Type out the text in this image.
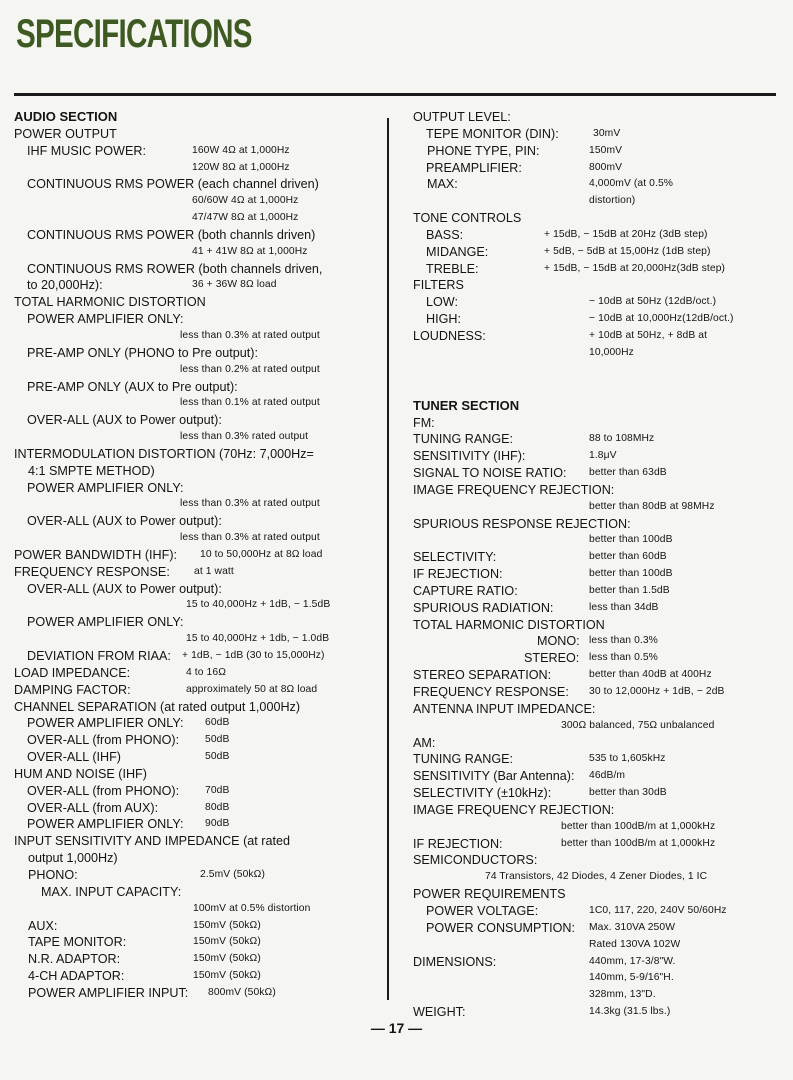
SPECIFICATIONS
AUDIO SECTION
POWER OUTPUT
IHF MUSIC POWER:	160W 4Ω at 1,000Hz
120W 8Ω at 1,000Hz
CONTINUOUS RMS POWER (each channel driven)
60/60W 4Ω at 1,000Hz
47/47W 8Ω at 1,000Hz
CONTINUOUS RMS POWER (both channls driven)
41 + 41W 8Ω at 1,000Hz
CONTINUOUS RMS ROWER (both channels driven,
to 20,000Hz):	36 + 36W 8Ω load
TOTAL HARMONIC DISTORTION
POWER AMPLIFIER ONLY:
less than 0.3% at rated output
PRE-AMP ONLY (PHONO to Pre output):
less than 0.2% at rated output
PRE-AMP ONLY (AUX to Pre output):
less than 0.1% at rated output
OVER-ALL (AUX to Power output):
less than 0.3% rated output
INTERMODULATION DISTORTION (70Hz: 7,000Hz=
4:1 SMPTE METHOD)
POWER AMPLIFIER ONLY:
less than 0.3% at rated output
OVER-ALL (AUX to Power output):
less than 0.3% at rated output
POWER BANDWIDTH (IHF): 10 to 50,000Hz at 8Ω load
FREQUENCY RESPONSE: at 1 watt
OVER-ALL (AUX to Power output):
15 to 40,000Hz + 1dB, − 1.5dB
POWER AMPLIFIER ONLY:
15 to 40,000Hz + 1db, − 1.0dB
DEVIATION FROM RIAA: + 1dB, − 1dB (30 to 15,000Hz)
LOAD IMPEDANCE:	4 to 16Ω
DAMPING FACTOR:	approximately 50 at 8Ω load
CHANNEL SEPARATION (at rated output 1,000Hz)
POWER AMPLIFIER ONLY: 60dB
OVER-ALL (from PHONO):	50dB
OVER-ALL (IHF)	50dB
HUM AND NOISE (IHF)
OVER-ALL (from PHONO):	70dB
OVER-ALL (from AUX):	80dB
POWER AMPLIFIER ONLY: 90dB
INPUT SENSITIVITY AND IMPEDANCE (at rated
output 1,000Hz)
PHONO:	2.5mV (50kΩ)
MAX. INPUT CAPACITY:
100mV at 0.5% distortion
AUX:	150mV (50kΩ)
TAPE MONITOR:	150mV (50kΩ)
N.R. ADAPTOR:	150mV (50kΩ)
4-CH ADAPTOR:	150mV (50kΩ)
POWER AMPLIFIER INPUT: 800mV (50kΩ)
OUTPUT LEVEL:
TEPE MONITOR (DIN):	30mV
PHONE TYPE, PIN:	150mV
PREAMPLIFIER:	800mV
MAX:	4,000mV (at 0.5%
distortion)
TONE CONTROLS
BASS:	+ 15dB, − 15dB at 20Hz (3dB step)
MIDANGE:	+ 5dB, − 5dB at 15,00Hz (1dB step)
TREBLE:	+ 15dB, − 15dB at 20,000Hz(3dB step)
FILTERS
LOW:	− 10dB at 50Hz (12dB/oct.)
HIGH:	− 10dB at 10,000Hz(12dB/oct.)
LOUDNESS:	+ 10dB at 50Hz, + 8dB at
10,000Hz
TUNER SECTION
FM:
TUNING RANGE:	88 to 108MHz
SENSITIVITY (IHF):	1.8μV
SIGNAL TO NOISE RATIO: better than 63dB
IMAGE FREQUENCY REJECTION:
better than 80dB at 98MHz
SPURIOUS RESPONSE REJECTION:
better than 100dB
SELECTIVITY:	better than 60dB
IF REJECTION:	better than 100dB
CAPTURE RATIO:	better than 1.5dB
SPURIOUS RADIATION:	less than 34dB
TOTAL HARMONIC DISTORTION
MONO: less than 0.3%
STEREO: less than 0.5%
STEREO SEPARATION:	better than 40dB at 400Hz
FREQUENCY RESPONSE: 30 to 12,000Hz + 1dB, − 2dB
ANTENNA INPUT IMPEDANCE:
300Ω balanced, 75Ω unbalanced
AM:
TUNING RANGE:	535 to 1,605kHz
SENSITIVITY (Bar Antenna): 46dB/m
SELECTIVITY (±10kHz):	better than 30dB
IMAGE FREQUENCY REJECTION:
better than 100dB/m at 1,000kHz
IF REJECTION:	better than 100dB/m at 1,000kHz
SEMICONDUCTORS:
74 Transistors, 42 Diodes, 4 Zener Diodes, 1 IC
POWER REQUIREMENTS
POWER VOLTAGE:	1C0, 117, 220, 240V 50/60Hz
POWER CONSUMPTION: Max. 310VA 250W
Rated 130VA 102W
DIMENSIONS:	440mm, 17-3/8"W.
140mm, 5-9/16"H.
328mm, 13"D.
WEIGHT:	14.3kg (31.5 lbs.)
— 17 —
